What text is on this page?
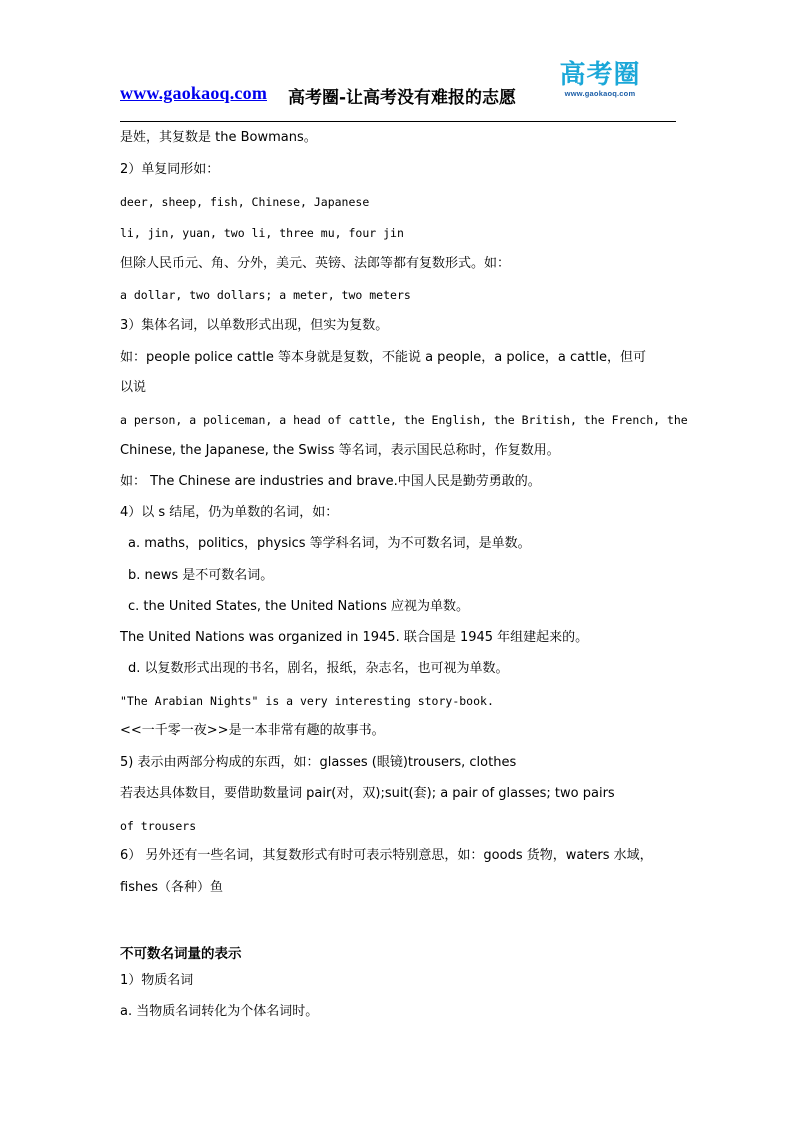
www.gaokaoq.com 高考圈-让高考没有难报的志愿
高考圈
www.gaokaoq.com
是姓，其复数是 the Bowmans。
2）单复同形如：
deer, sheep, fish, Chinese, Japanese
li, jin, yuan, two li, three mu, four jin
但除人民币元、角、分外，美元、英镑、法郎等都有复数形式。如：
a dollar, two dollars; a meter, two meters
3）集体名词，以单数形式出现，但实为复数。
如：people police cattle 等本身就是复数，不能说 a people，a police，a cattle，但可
以说
a person, a policeman, a head of cattle, the English, the British, the French, the
Chinese, the Japanese, the Swiss 等名词，表示国民总称时，作复数用。
如： The Chinese are industries and brave.中国人民是勤劳勇敢的。
4）以 s 结尾，仍为单数的名词，如：
a. maths，politics，physics 等学科名词，为不可数名词，是单数。
b. news 是不可数名词。
c. the United States, the United Nations 应视为单数。
The United Nations was organized in 1945. 联合国是 1945 年组建起来的。
d. 以复数形式出现的书名，剧名，报纸，杂志名，也可视为单数。
"The Arabian Nights" is a very interesting story-book.
<<一千零一夜>>是一本非常有趣的故事书。
5) 表示由两部分构成的东西，如：glasses (眼镜)trousers, clothes
若表达具体数目，要借助数量词 pair(对，双);suit(套); a pair of glasses; two pairs
of trousers
6） 另外还有一些名词，其复数形式有时可表示特别意思，如：goods 货物，waters 水域，
fishes（各种）鱼
不可数名词量的表示
1）物质名词
a. 当物质名词转化为个体名词时。
